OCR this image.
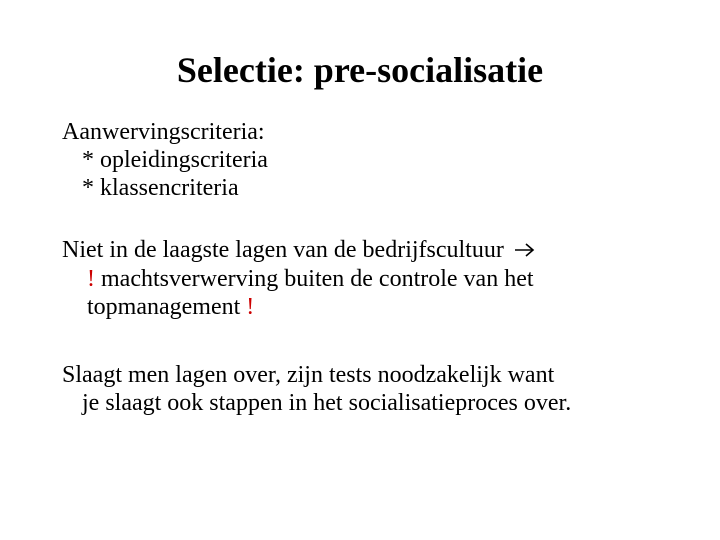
Selectie: pre-socialisatie
Aanwervingscriteria:
* opleidingscriteria
* klassencriteria
Niet in de laagste lagen van de bedrijfscultuur
! machtsverwerving buiten de controle van het
topmanagement !
Slaagt men lagen over, zijn tests noodzakelijk want
je slaagt ook stappen in het socialisatieproces over.
